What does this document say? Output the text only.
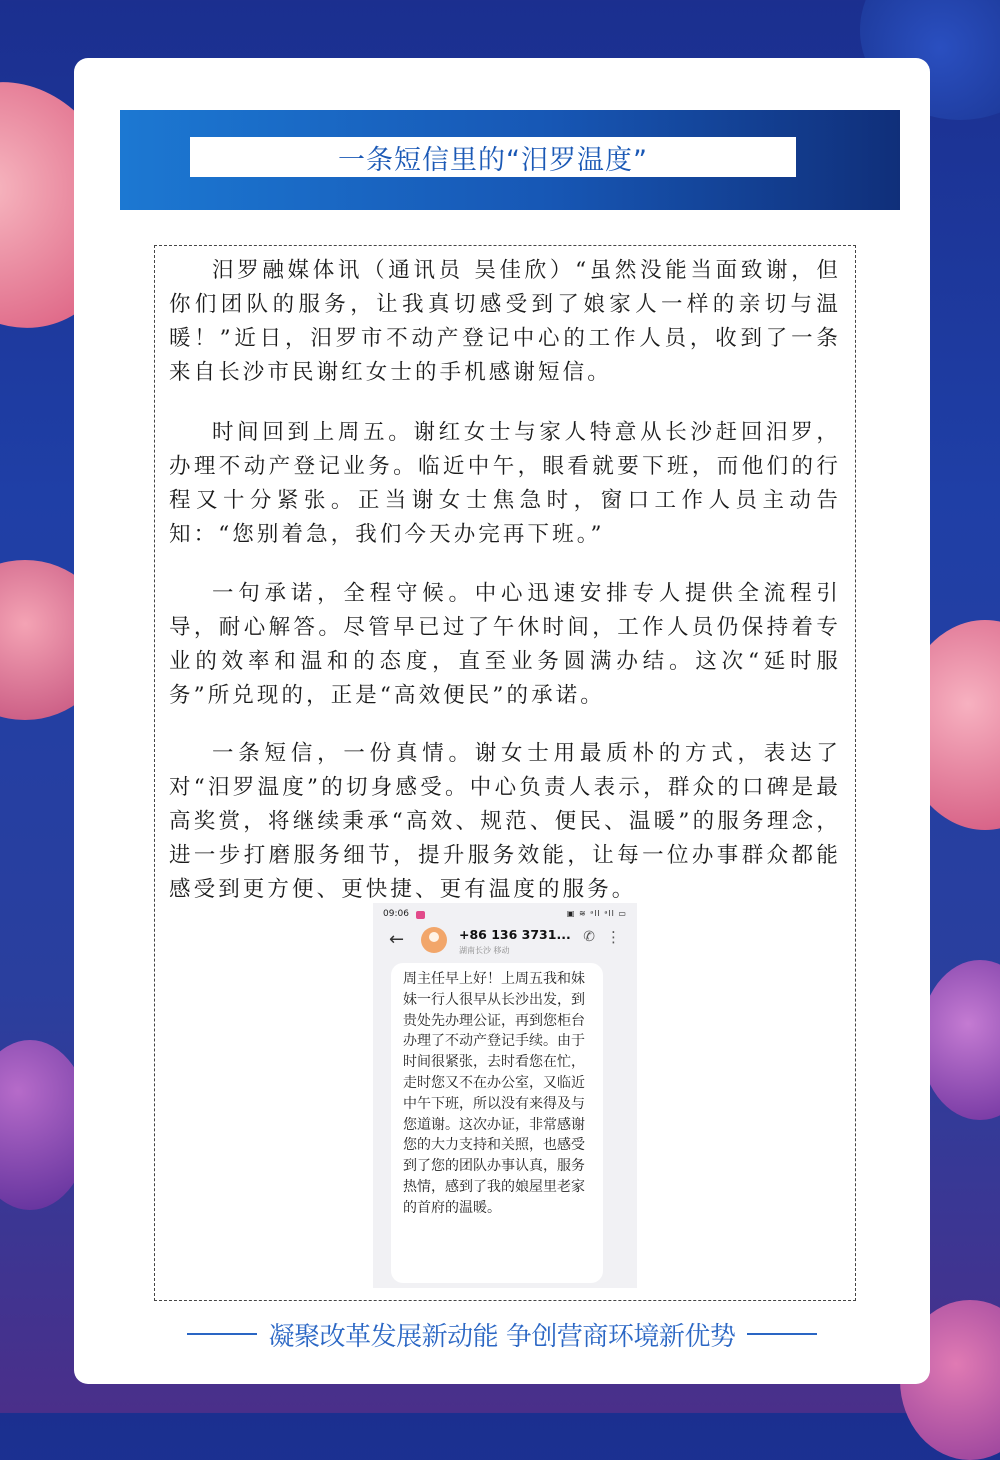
一条短信里的“汨罗温度”

汨罗融媒体讯（通讯员 吴佳欣）“虽然没能当面致谢，但你们团队的服务，让我真切感受到了娘家人一样的亲切与温暖！”近日，汨罗市不动产登记中心的工作人员，收到了一条来自长沙市民谢红女士的手机感谢短信。

时间回到上周五。谢红女士与家人特意从长沙赶回汨罗，办理不动产登记业务。临近中午，眼看就要下班，而他们的行程又十分紧张。正当谢女士焦急时，窗口工作人员主动告知：“您别着急，我们今天办完再下班。”

一句承诺，全程守候。中心迅速安排专人提供全流程引导，耐心解答。尽管早已过了午休时间，工作人员仍保持着专业的效率和温和的态度，直至业务圆满办结。这次“延时服务”所兑现的，正是“高效便民”的承诺。

一条短信，一份真情。谢女士用最质朴的方式，表达了对“汨罗温度”的切身感受。中心负责人表示，群众的口碑是最高奖赏，将继续秉承“高效、规范、便民、温暖”的服务理念，进一步打磨服务细节，提升服务效能，让每一位办事群众都能感受到更方便、更快捷、更有温度的服务。

09:06	▣ ≋ ᵃll ᵃll ▭
←	+86 136 3731...
湖南长沙 移动
✆ ⋮

周主任早上好！上周五我和妹妹一行人很早从长沙出发，到贵处先办理公证，再到您柜台办理了不动产登记手续。由于时间很紧张，去时看您在忙，走时您又不在办公室，又临近中午下班，所以没有来得及与您道谢。这次办证，非常感谢您的大力支持和关照，也感受到了您的团队办事认真，服务热情，感到了我的娘屋里老家的首府的温暖。

凝聚改革发展新动能 争创营商环境新优势
